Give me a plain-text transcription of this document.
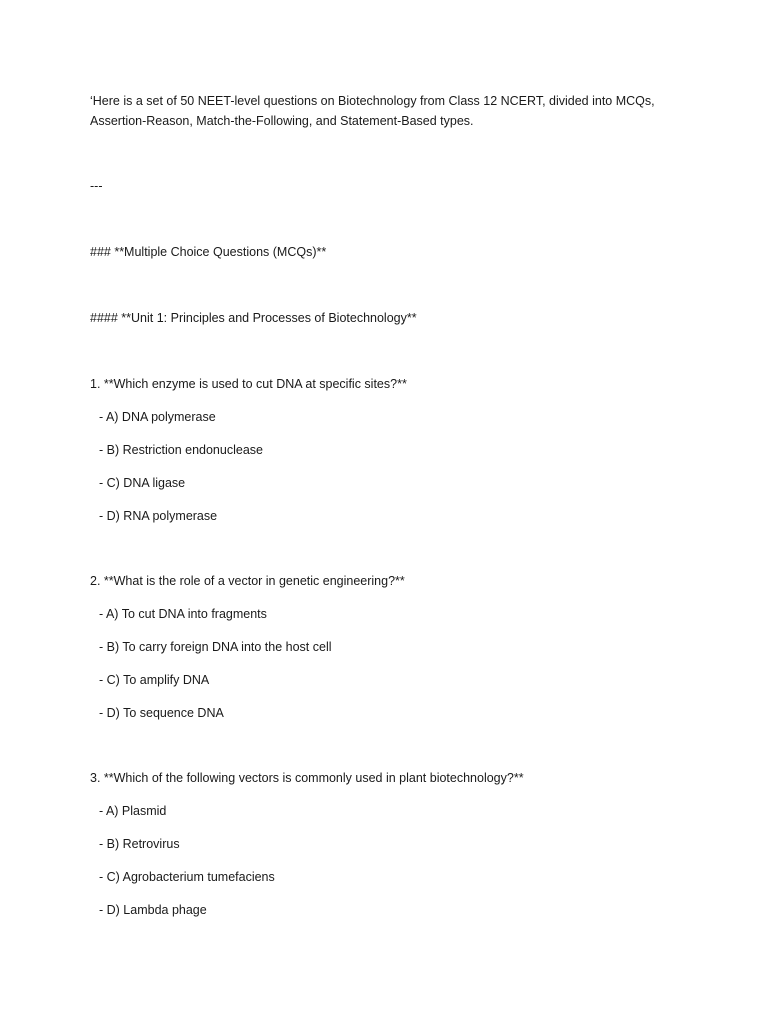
‘Here is a set of 50 NEET-level questions on Biotechnology from Class 12 NCERT, divided into MCQs,

Assertion-Reason, Match-the-Following, and Statement-Based types.

---

### **Multiple Choice Questions (MCQs)**

#### **Unit 1: Principles and Processes of Biotechnology**

1. **Which enzyme is used to cut DNA at specific sites?**

- A) DNA polymerase

- B) Restriction endonuclease

- C) DNA ligase

- D) RNA polymerase

2. **What is the role of a vector in genetic engineering?**

- A) To cut DNA into fragments

- B) To carry foreign DNA into the host cell

- C) To amplify DNA

- D) To sequence DNA

3. **Which of the following vectors is commonly used in plant biotechnology?**

- A) Plasmid

- B) Retrovirus

- C) Agrobacterium tumefaciens

- D) Lambda phage
